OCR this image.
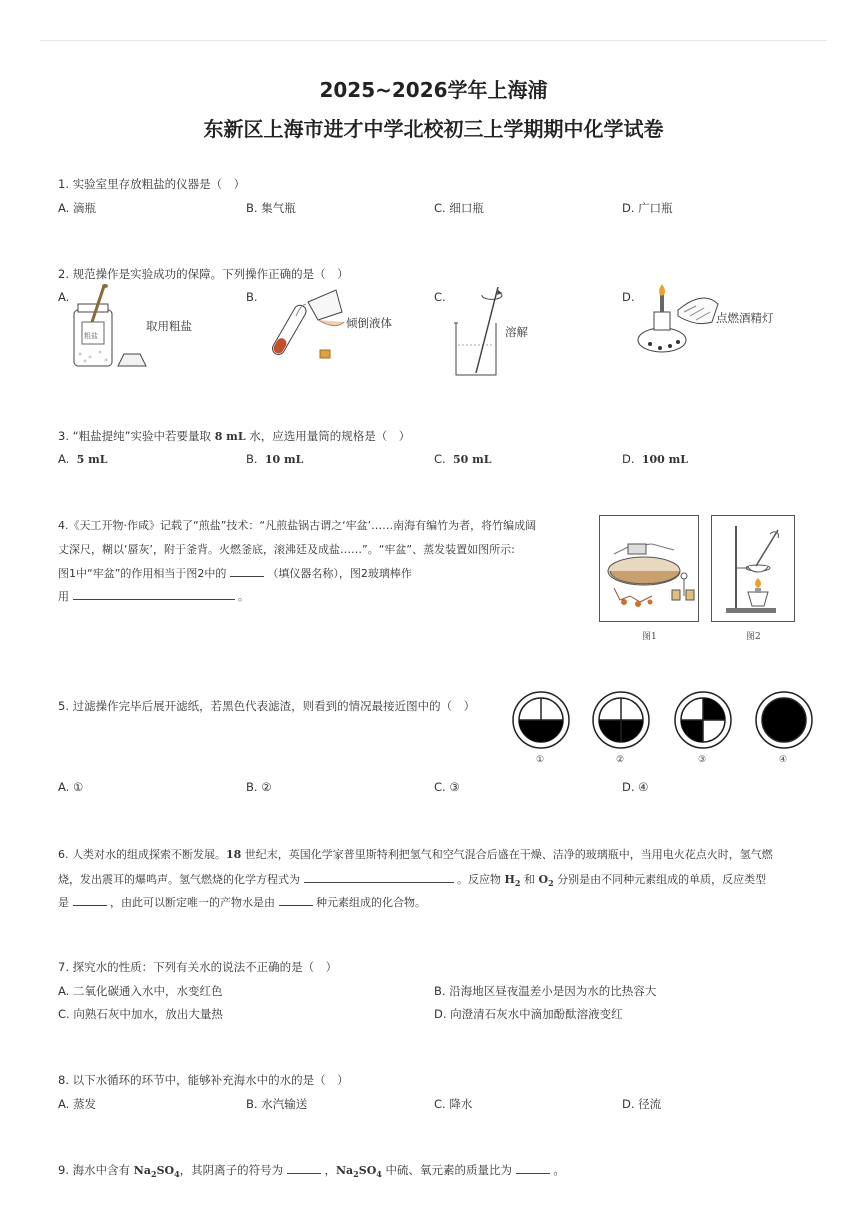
2025~2026学年上海浦
东新区上海市进才中学北校初三上学期期中化学试卷
1. 实验室里存放粗盐的仪器是（　）
A. 滴瓶	B. 集气瓶	C. 细口瓶	D. 广口瓶
2. 规范操作是实验成功的保障。下列操作正确的是（　）
A.	B.	C.	D.
粗盐
取用粗盐	倾倒液体
溶解
点燃酒精灯
3. “粗盐提纯”实验中若要量取 8 mL 水，应选用量筒的规格是（　）
A. 5 mL	B. 10 mL	C. 50 mL	D. 100 mL
4.《天工开物·作咸》记载了“煎盐”技术：“凡煎盐锅古谓之‘牢盆’……南海有编竹为者，将竹编成阔
丈深尺，糊以‘蜃灰’，附于釜背。火燃釜底，滚沸廷及成盐……”。“牢盆”、蒸发装置如图所示:
图1中“牢盆”的作用相当于图2中的	（填仪器名称），图2玻璃棒作
用	。
图1	图2
5. 过滤操作完毕后展开滤纸，若黑色代表滤渣，则看到的情况最接近图中的（　）
①	②	③	④
A. ①	B. ②	C. ③	D. ④
6. 人类对水的组成探索不断发展。18 世纪末，英国化学家普里斯特利把氢气和空气混合后盛在干燥、洁净的玻璃瓶中，当用电火花点火时，氢气燃
烧，发出震耳的爆鸣声。氢气燃烧的化学方程式为	。反应物 $H_2$ 和 $O_2$ 分别是由不同种元素组成的单质，反应类型
是	，由此可以断定唯一的产物水是由	种元素组成的化合物。
7. 探究水的性质：下列有关水的说法不正确的是（　）
A. 二氧化碳通入水中，水变红色	B. 沿海地区昼夜温差小是因为水的比热容大
C. 向熟石灰中加水，放出大量热	D. 向澄清石灰水中滴加酚酞溶液变红
8. 以下水循环的环节中，能够补充海水中的水的是（　）
A. 蒸发	B. 水汽输送	C. 降水	D. 径流
9. 海水中含有 $Na_2SO_4$，其阴离子的符号为	，$Na_2SO_4$ 中硫、氧元素的质量比为	。
